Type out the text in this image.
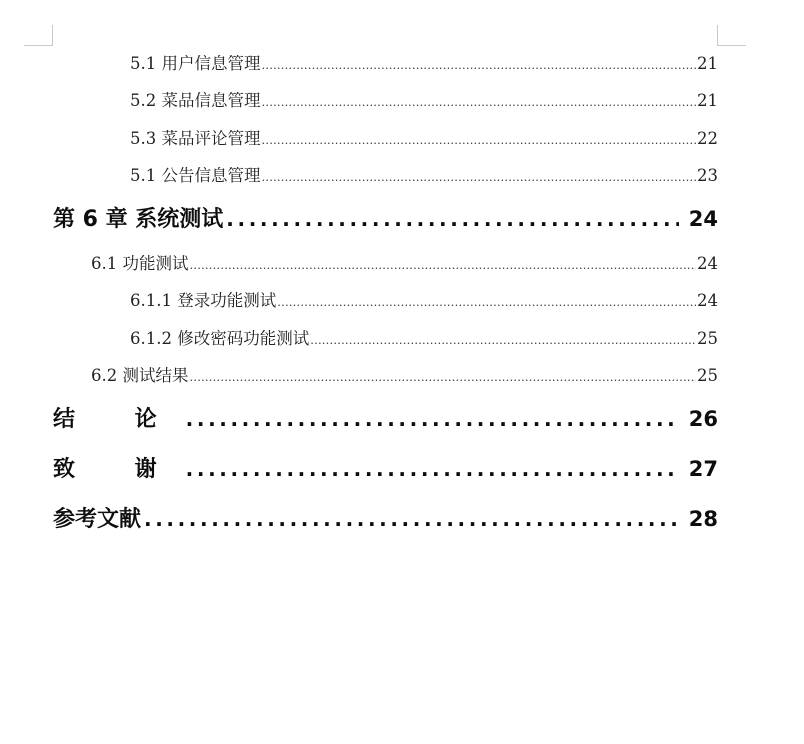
5.1 用户信息管理 .....	21
5.2 菜品信息管理 .....	21
5.3 菜品评论管理 .....	22
5.1 公告信息管理 .....	23
第 6 章 系统测试 .....	24
6.1 功能测试 .....	24
6.1.1 登录功能测试 .....	24
6.1.2 修改密码功能测试 .....	25
6.2 测试结果 .....	25
结 论 .....	26
致 谢 .....	27
参考文献 .....	28
